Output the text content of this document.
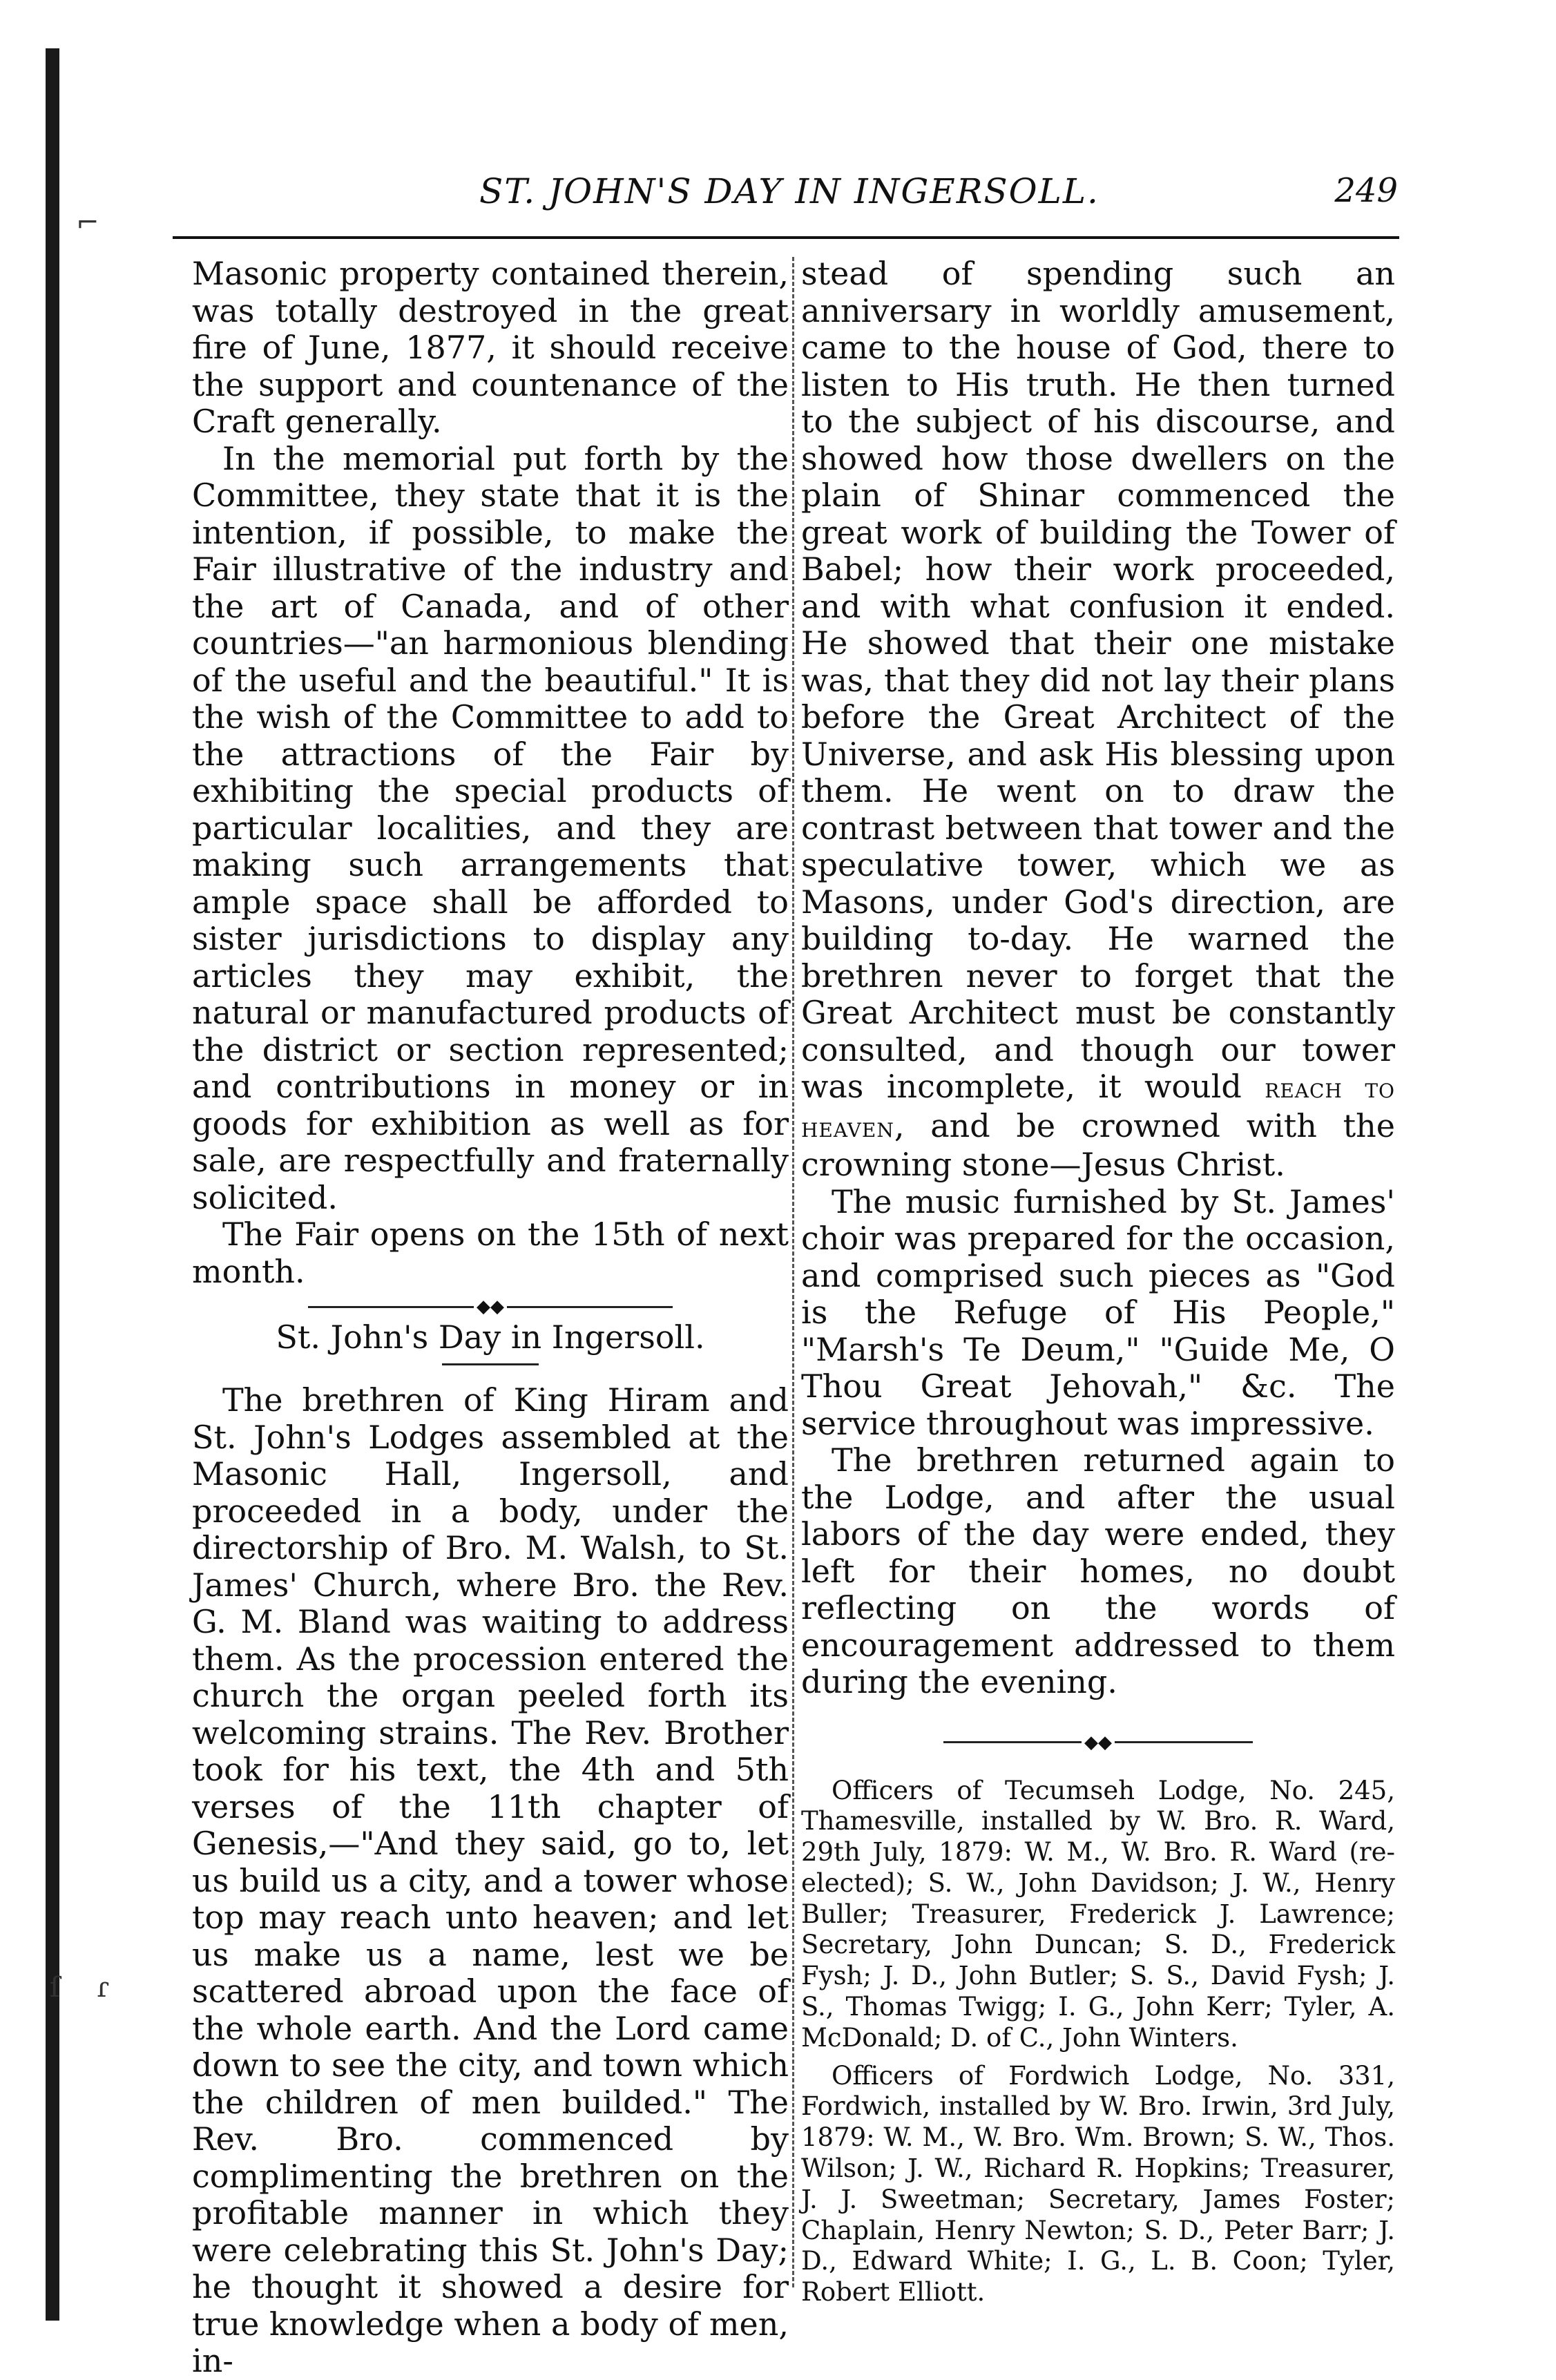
⌐
ſ ɾ
ST. JOHN'S DAY IN INGERSOLL.	249

Masonic property contained therein, was totally destroyed in the great fire of June, 1877, it should receive the support and countenance of the Craft generally.

In the memorial put forth by the Committee, they state that it is the intention, if possible, to make the Fair illustrative of the industry and the art of Canada, and of other countries—"an harmonious blending of the useful and the beautiful." It is the wish of the Committee to add to the attractions of the Fair by exhibiting the special products of particular localities, and they are making such arrangements that ample space shall be afforded to sister jurisdictions to display any articles they may exhibit, the natural or manufactured products of the district or section represented; and contributions in money or in goods for exhibition as well as for sale, are respectfully and fraternally solicited.

The Fair opens on the 15th of next month.

◆◆
St. John's Day in Ingersoll.

The brethren of King Hiram and St. John's Lodges assembled at the Masonic Hall, Ingersoll, and proceeded in a body, under the directorship of Bro. M. Walsh, to St. James' Church, where Bro. the Rev. G. M. Bland was waiting to address them. As the procession entered the church the organ peeled forth its welcoming strains. The Rev. Brother took for his text, the 4th and 5th verses of the 11th chapter of Genesis,—"And they said, go to, let us build us a city, and a tower whose top may reach unto heaven; and let us make us a name, lest we be scattered abroad upon the face of the whole earth. And the Lord came down to see the city, and town which the children of men builded." The Rev. Bro. commenced by complimenting the brethren on the profitable manner in which they were celebrating this St. John's Day; he thought it showed a desire for true knowledge when a body of men, in-

stead of spending such an anniversary in worldly amusement, came to the house of God, there to listen to His truth. He then turned to the subject of his discourse, and showed how those dwellers on the plain of Shinar commenced the great work of building the Tower of Babel; how their work proceeded, and with what confusion it ended. He showed that their one mistake was, that they did not lay their plans before the Great Architect of the Universe, and ask His blessing upon them. He went on to draw the contrast between that tower and the speculative tower, which we as Masons, under God's direction, are building to-day. He warned the brethren never to forget that the Great Architect must be constantly consulted, and though our tower was incomplete, it would reach to heaven, and be crowned with the crowning stone—Jesus Christ.

The music furnished by St. James' choir was prepared for the occasion, and comprised such pieces as "God is the Refuge of His People," "Marsh's Te Deum," "Guide Me, O Thou Great Jehovah," &c. The service throughout was impressive.

The brethren returned again to the Lodge, and after the usual labors of the day were ended, they left for their homes, no doubt reflecting on the words of encouragement addressed to them during the evening.

◆◆

Officers of Tecumseh Lodge, No. 245, Thamesville, installed by W. Bro. R. Ward, 29th July, 1879: W. M., W. Bro. R. Ward (re-elected); S. W., John Davidson; J. W., Henry Buller; Treasurer, Frederick J. Lawrence; Secretary, John Duncan; S. D., Frederick Fysh; J. D., John Butler; S. S., David Fysh; J. S., Thomas Twigg; I. G., John Kerr; Tyler, A. McDonald; D. of C., John Winters.

Officers of Fordwich Lodge, No. 331, Fordwich, installed by W. Bro. Irwin, 3rd July, 1879: W. M., W. Bro. Wm. Brown; S. W., Thos. Wilson; J. W., Richard R. Hopkins; Treasurer, J. J. Sweetman; Secretary, James Foster; Chaplain, Henry Newton; S. D., Peter Barr; J. D., Edward White; I. G., L. B. Coon; Tyler, Robert Elliott.
